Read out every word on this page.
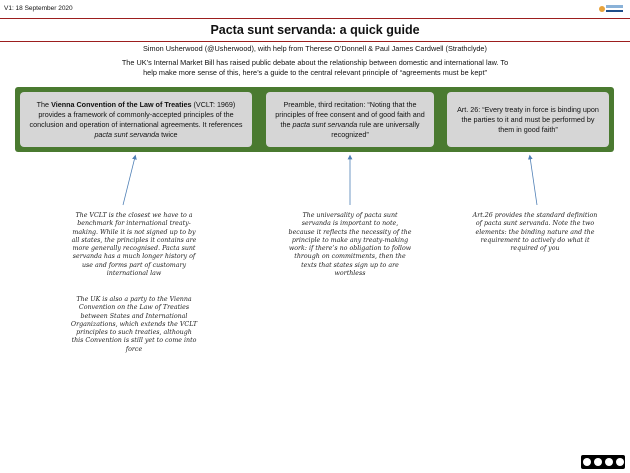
V1: 18 September 2020
Pacta sunt servanda: a quick guide
Simon Usherwood (@Usherwood), with help from Therese O’Donnell & Paul James Cardwell (Strathclyde)
The UK’s Internal Market Bill has raised public debate about the relationship between domestic and international law. To help make more sense of this, here’s a guide to the central relevant principle of “agreements must be kept”
The Vienna Convention of the Law of Treaties (VCLT: 1969) provides a framework of commonly-accepted principles of the conclusion and operation of international agreements. It references pacta sunt servanda twice
Preamble, third recitation: “Noting that the principles of free consent and of good faith and the pacta sunt servanda rule are universally recognized”
Art. 26: “Every treaty in force is binding upon the parties to it and must be performed by them in good faith”
The VCLT is the closest we have to a benchmark for international treaty-making. While it is not signed up to by all states, the principles it contains are more generally recognised. Pacta sunt servanda has a much longer history of use and forms part of customary international law
The UK is also a party to the Vienna Convention on the Law of Treaties between States and International Organizations, which extends the VCLT principles to such treaties, although this Convention is still yet to come into force
The universality of pacta sunt servanda is important to note, because it reflects the necessity of the principle to make any treaty-making work: if there’s no obligation to follow through on commitments, then the texts that states sign up to are worthless
Art.26 provides the standard definition of pacta sunt servanda. Note the two elements: the binding nature and the requirement to actively do what it required of you
